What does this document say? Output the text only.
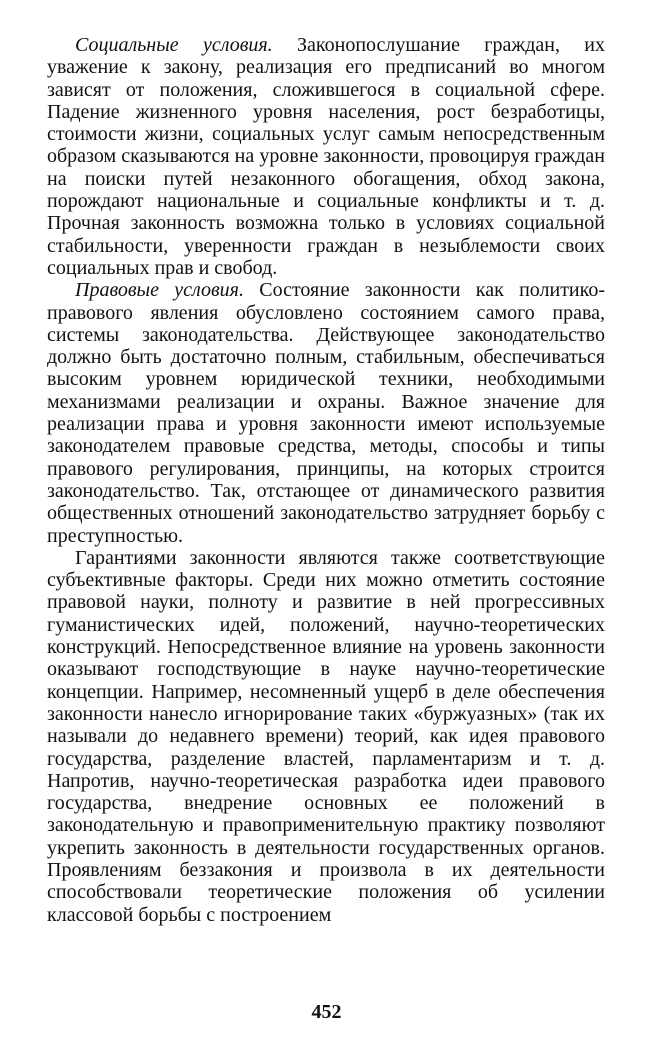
Социальные условия. Законопослушание граждан, их уважение к закону, реализация его предписаний во многом зависят от положения, сложившегося в социальной сфере. Падение жизненного уровня населения, рост безработицы, стоимости жизни, социальных услуг самым непосредственным образом сказываются на уровне законности, провоцируя граждан на поиски путей незаконного обогащения, обход закона, порождают национальные и социальные конфликты и т. д. Прочная законность возможна только в условиях социальной стабильности, уверенности граждан в незыблемости своих социальных прав и свобод.

Правовые условия. Состояние законности как политико-правового явления обусловлено состоянием самого права, системы законодательства. Действующее законодательство должно быть достаточно полным, стабильным, обеспечиваться высоким уровнем юридической техники, необходимыми механизмами реализации и охраны. Важное значение для реализации права и уровня законности имеют используемые законодателем правовые средства, методы, способы и типы правового регулирования, принципы, на которых строится законодательство. Так, отстающее от динамического развития общественных отношений законодательство затрудняет борьбу с преступностью.

Гарантиями законности являются также соответствующие субъективные факторы. Среди них можно отметить состояние правовой науки, полноту и развитие в ней прогрессивных гуманистических идей, положений, научно-теоретических конструкций. Непосредственное влияние на уровень законности оказывают господствующие в науке научно-теоретические концепции. Например, несомненный ущерб в деле обеспечения законности нанесло игнорирование таких «буржуазных» (так их называли до недавнего времени) теорий, как идея правового государства, разделение властей, парламентаризм и т. д. Напротив, научно-теоретическая разработка идеи правового государства, внедрение основных ее положений в законодательную и правоприменительную практику позволяют укрепить законность в деятельности государственных органов. Проявлениям беззакония и произвола в их деятельности способствовали теоретические положения об усилении классовой борьбы с построением

452
